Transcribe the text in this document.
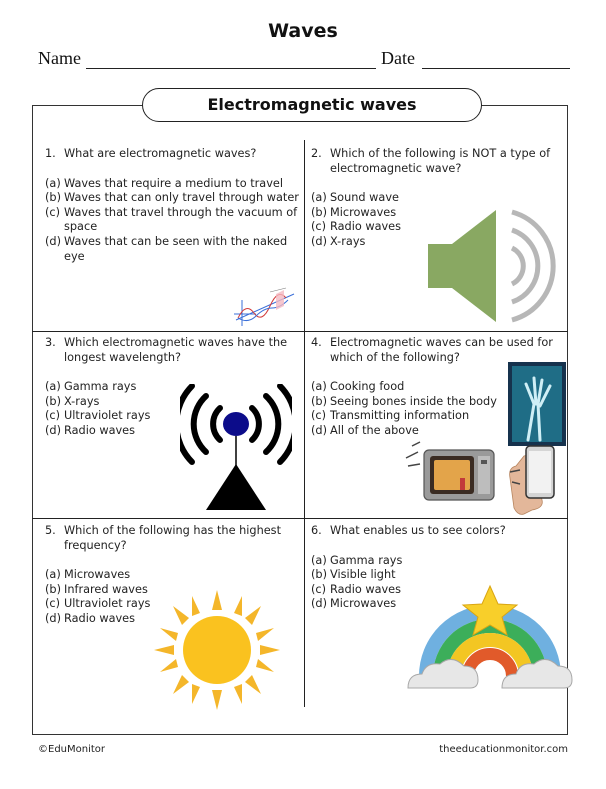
Waves
Name	Date
Electromagnetic waves
1. What are electromagnetic waves?
(a) Waves that require a medium to travel
(b) Waves that can only travel through water
(c) Waves that travel through the vacuum of space
(d) Waves that can be seen with the naked eye
2. Which of the following is NOT a type of electromagnetic wave?
(a) Sound wave
(b) Microwaves
(c) Radio waves
(d) X-rays
3. Which electromagnetic waves have the longest wavelength?
(a) Gamma rays
(b) X-rays
(c) Ultraviolet rays
(d) Radio waves
4. Electromagnetic waves can be used for which of the following?
(a) Cooking food
(b) Seeing bones inside the body
(c) Transmitting information
(d) All of the above
5. Which of the following has the highest frequency?
(a) Microwaves
(b) Infrared waves
(c) Ultraviolet rays
(d) Radio waves
6. What enables us to see colors?
(a) Gamma rays
(b) Visible light
(c) Radio waves
(d) Microwaves
©EduMonitor	theeducationmonitor.com
